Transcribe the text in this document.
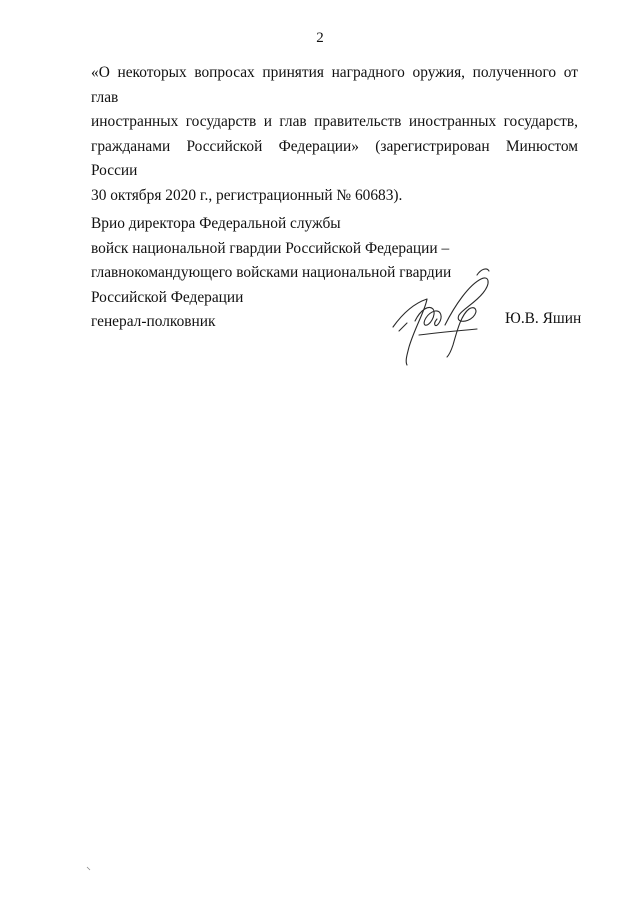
2

«О некоторых вопросах принятия наградного оружия, полученного от глав
иностранных государств и глав правительств иностранных государств,
гражданами Российской Федерации» (зарегистрирован Минюстом России
30 октября 2020 г., регистрационный № 60683).

Врио директора Федеральной службы
войск национальной гвардии Российской Федерации –
главнокомандующего войсками национальной гвардии
Российской Федерации
генерал-полковник	Ю.В. Яшин
